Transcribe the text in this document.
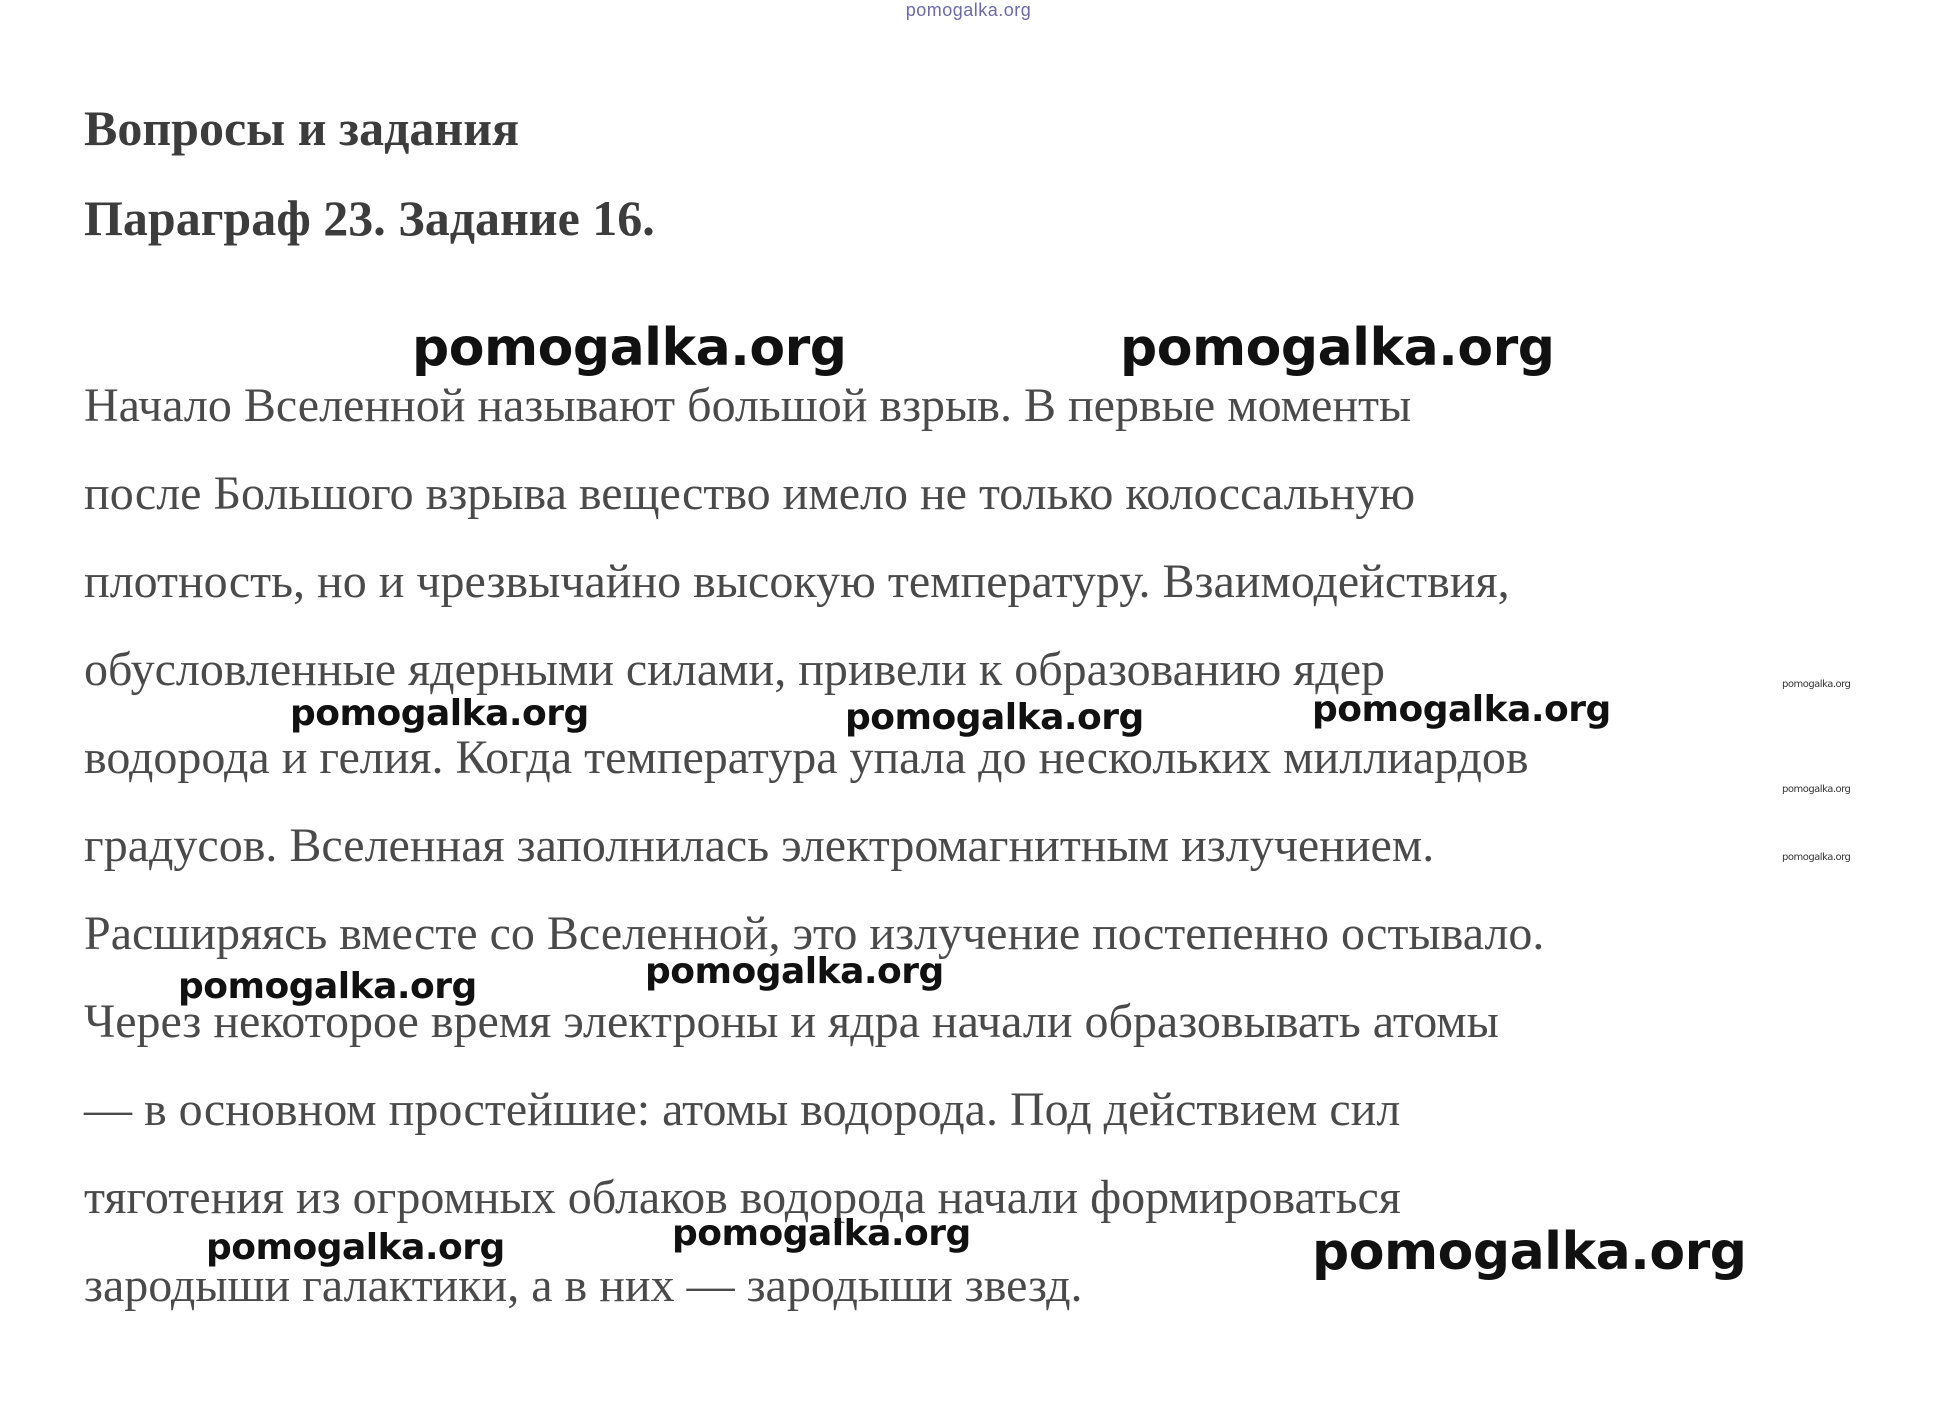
pomogalka.org
Вопросы и задания
Параграф 23. Задание 16.
Начало Вселенной называют большой взрыв. В первые моменты
после Большого взрыва вещество имело не только колоссальную
плотность, но и чрезвычайно высокую температуру. Взаимодействия,
обусловленные ядерными силами, привели к образованию ядер
водорода и гелия. Когда температура упала до нескольких миллиардов
градусов. Вселенная заполнилась электромагнитным излучением.
Расширяясь вместе со Вселенной, это излучение постепенно остывало.
Через некоторое время электроны и ядра начали образовывать атомы
— в основном простейшие: атомы водорода. Под действием сил
тяготения из огромных облаков водорода начали формироваться
зародыши галактики, а в них — зародыши звезд.
pomogalka.org	pomogalka.org
pomogalka.org	pomogalka.org	pomogalka.org
pomogalka.org
pomogalka.org
pomogalka.org
pomogalka.org	pomogalka.org
pomogalka.org	pomogalka.org	pomogalka.org
